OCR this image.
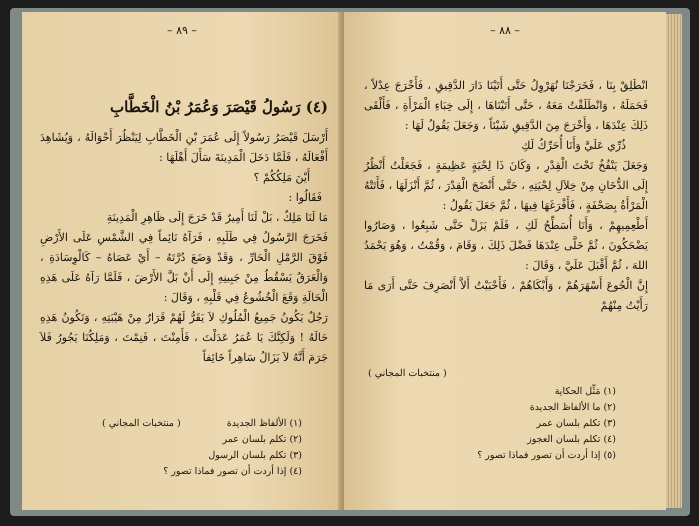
– ٨٩ –
(٤) رَسُولُ قَيْصَرَ وَعُمَرُ بْنُ الْخَطَّابِ

أَرْسَلَ قَيْصَرُ رَسُولاً إِلَى عُمَرَ بْنِ الْخَطَّابِ لِيَنْظُرَ أَحْوَالَهُ ، وَيُشَاهِدَ أَفْعَالَهُ ، فَلَمَّا دَخَلَ الْمَدِينَةَ سَأَلَ أَهْلَهَا :

أَيْنَ مَلِكُكُمْ ؟

فَقَالُوا :

مَا لَنَا مَلِكٌ ، بَلْ لَنَا أَمِيرٌ قَدْ خَرَجَ إِلَى ظَاهِرِ الْمَدِينَةِ

فَخَرَجَ الرَّسُولُ فِي طَلَبِهِ ، فَرَآهُ نَائِماً فِي الشَّمْسِ عَلَى الأَرْضِ فَوْقَ الرَّمْلِ الْحَارِّ ، وَقَدْ وَضَعَ دُرَّتَهُ – أَيْ عَصَاهُ – كَالْوِسَادَةِ ، وَالْعَرَقُ يَسْقُطُ مِنْ جَبِينِهِ إِلَى أَنْ بَلَّ الأَرْضَ ، فَلَمَّا رَآهُ عَلَى هَذِهِ الْحَالَةِ وَقَعَ الْخُشُوعُ فِي قَلْبِهِ ، وَقَالَ :

رَجُلٌ يَكُونُ جَمِيعُ الْمُلُوكِ لاَ يَقَرُّ لَهُمْ قَرَارٌ مِنْ هَيْبَتِهِ ، وَتَكُونُ هَذِهِ حَالَهُ ! وَلَكِنَّكَ يَا عُمَرُ عَدَلْتَ ، فَأَمِنْتَ ، فَنِمْتَ ، وَمَلِكُنَا يَجُورُ فَلاَ جَرَمَ أَنَّهُ لاَ يَزَالُ سَاهِراً خَائِفاً

( منتخبات المجاني )	(١) الألفاظ الجديدة
(٢) تكلم بلسان عمر
(٣) تكلم بلسان الرسول
(٤) إذا أردت أن تصور فماذا تصور ؟
– ٨٨ –

انْطَلِقْ بِنَا ، فَخَرَجْنَا نُهَرْوِلُ حَتَّى أَتَيْنَا دَارَ الدَّقِيقِ ، فَأَخْرَجَ عِدْلاً ، فَحَمَلَهُ ، وَانْطَلَقْتُ مَعَهُ ، حَتَّى أَتَيْنَاهَا ، إِلَى خِبَاءِ الْمَرْأَةِ ، فَأَلْقَى ذَلِكَ عِنْدَهَا ، وَأَخْرَجَ مِنَ الدَّقِيقِ شَيْئاً ، وَجَعَلَ يَقُولُ لَهَا :

ذُرِّي عَلَيَّ وَأَنَا أُحَرِّكُ لَكِ

وَجَعَلَ يَنْفُخُ تَحْتَ الْقِدْرِ ، وَكَانَ ذَا لِحْيَةٍ عَظِيمَةٍ ، فَجَعَلْتُ أَنْظُرُ إِلَى الدُّخَانِ مِنْ خِلاَلِ لِحْيَتِهِ ، حَتَّى أَنْضَجَ الْقِدْرَ ، ثُمَّ أَنْزَلَهَا ، فَأَتَتْهُ الْمَرْأَةُ بِصَحْفَةٍ ، فَأَفْرَغَهَا فِيهَا ، ثُمَّ جَعَلَ يَقُولُ :

أَطْعِمِيهِمْ ، وَأَنَا أُسَطِّحُ لَكِ ، فَلَمْ يَزَلْ حَتَّى شَبِعُوا ، وَصَارُوا يَضْحَكُونَ ، ثُمَّ خَلَّى عِنْدَهَا فَضْلَ ذَلِكَ ، وَقَامَ ، وَقُمْتُ ، وَهُوَ يَحْمَدُ اللهَ ، ثُمَّ أَقْبَلَ عَلَيَّ ، وَقَالَ :

إِنَّ الْجُوعَ أَسْهَرَهُمْ ، وَأَبْكَاهُمْ ، فَأَحْبَبْتُ أَلاَّ أَنْصَرِفَ حَتَّى أَرَى مَا رَأَيْتُ مِنْهُمْ

( منتخبات المجاني )
(١) مَثِّل الحكاية
(٢) ما الألفاظ الجديدة
(٣) تكلم بلسان عمر
(٤) تكلم بلسان العجوز
(٥) إذا أردت أن تصور فماذا تصور ؟
